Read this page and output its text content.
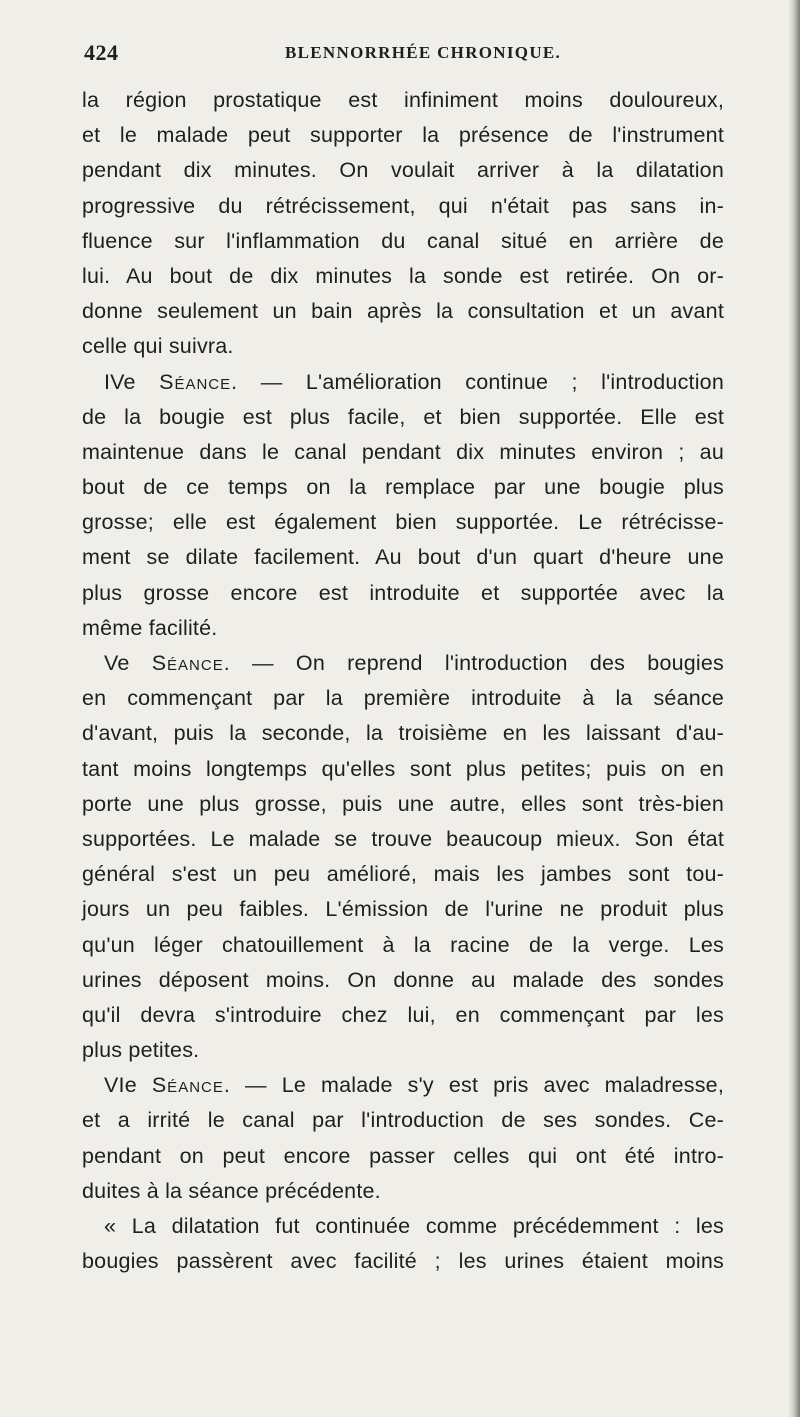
424	BLENNORRHÉE CHRONIQUE.
la région prostatique est infiniment moins douloureux,
et le malade peut supporter la présence de l'instrument
pendant dix minutes. On voulait arriver à la dilatation
progressive du rétrécissement, qui n'était pas sans in-
fluence sur l'inflammation du canal situé en arrière de
lui. Au bout de dix minutes la sonde est retirée. On or-
donne seulement un bain après la consultation et un avant
celle qui suivra.
IVe Séance. — L'amélioration continue ; l'introduction
de la bougie est plus facile, et bien supportée. Elle est
maintenue dans le canal pendant dix minutes environ ; au
bout de ce temps on la remplace par une bougie plus
grosse; elle est également bien supportée. Le rétrécisse-
ment se dilate facilement. Au bout d'un quart d'heure une
plus grosse encore est introduite et supportée avec la
même facilité.
Ve Séance. — On reprend l'introduction des bougies
en commençant par la première introduite à la séance
d'avant, puis la seconde, la troisième en les laissant d'au-
tant moins longtemps qu'elles sont plus petites; puis on en
porte une plus grosse, puis une autre, elles sont très-bien
supportées. Le malade se trouve beaucoup mieux. Son état
général s'est un peu amélioré, mais les jambes sont tou-
jours un peu faibles. L'émission de l'urine ne produit plus
qu'un léger chatouillement à la racine de la verge. Les
urines déposent moins. On donne au malade des sondes
qu'il devra s'introduire chez lui, en commençant par les
plus petites.
VIe Séance. — Le malade s'y est pris avec maladresse,
et a irrité le canal par l'introduction de ses sondes. Ce-
pendant on peut encore passer celles qui ont été intro-
duites à la séance précédente.
« La dilatation fut continuée comme précédemment : les
bougies passèrent avec facilité ; les urines étaient moins
